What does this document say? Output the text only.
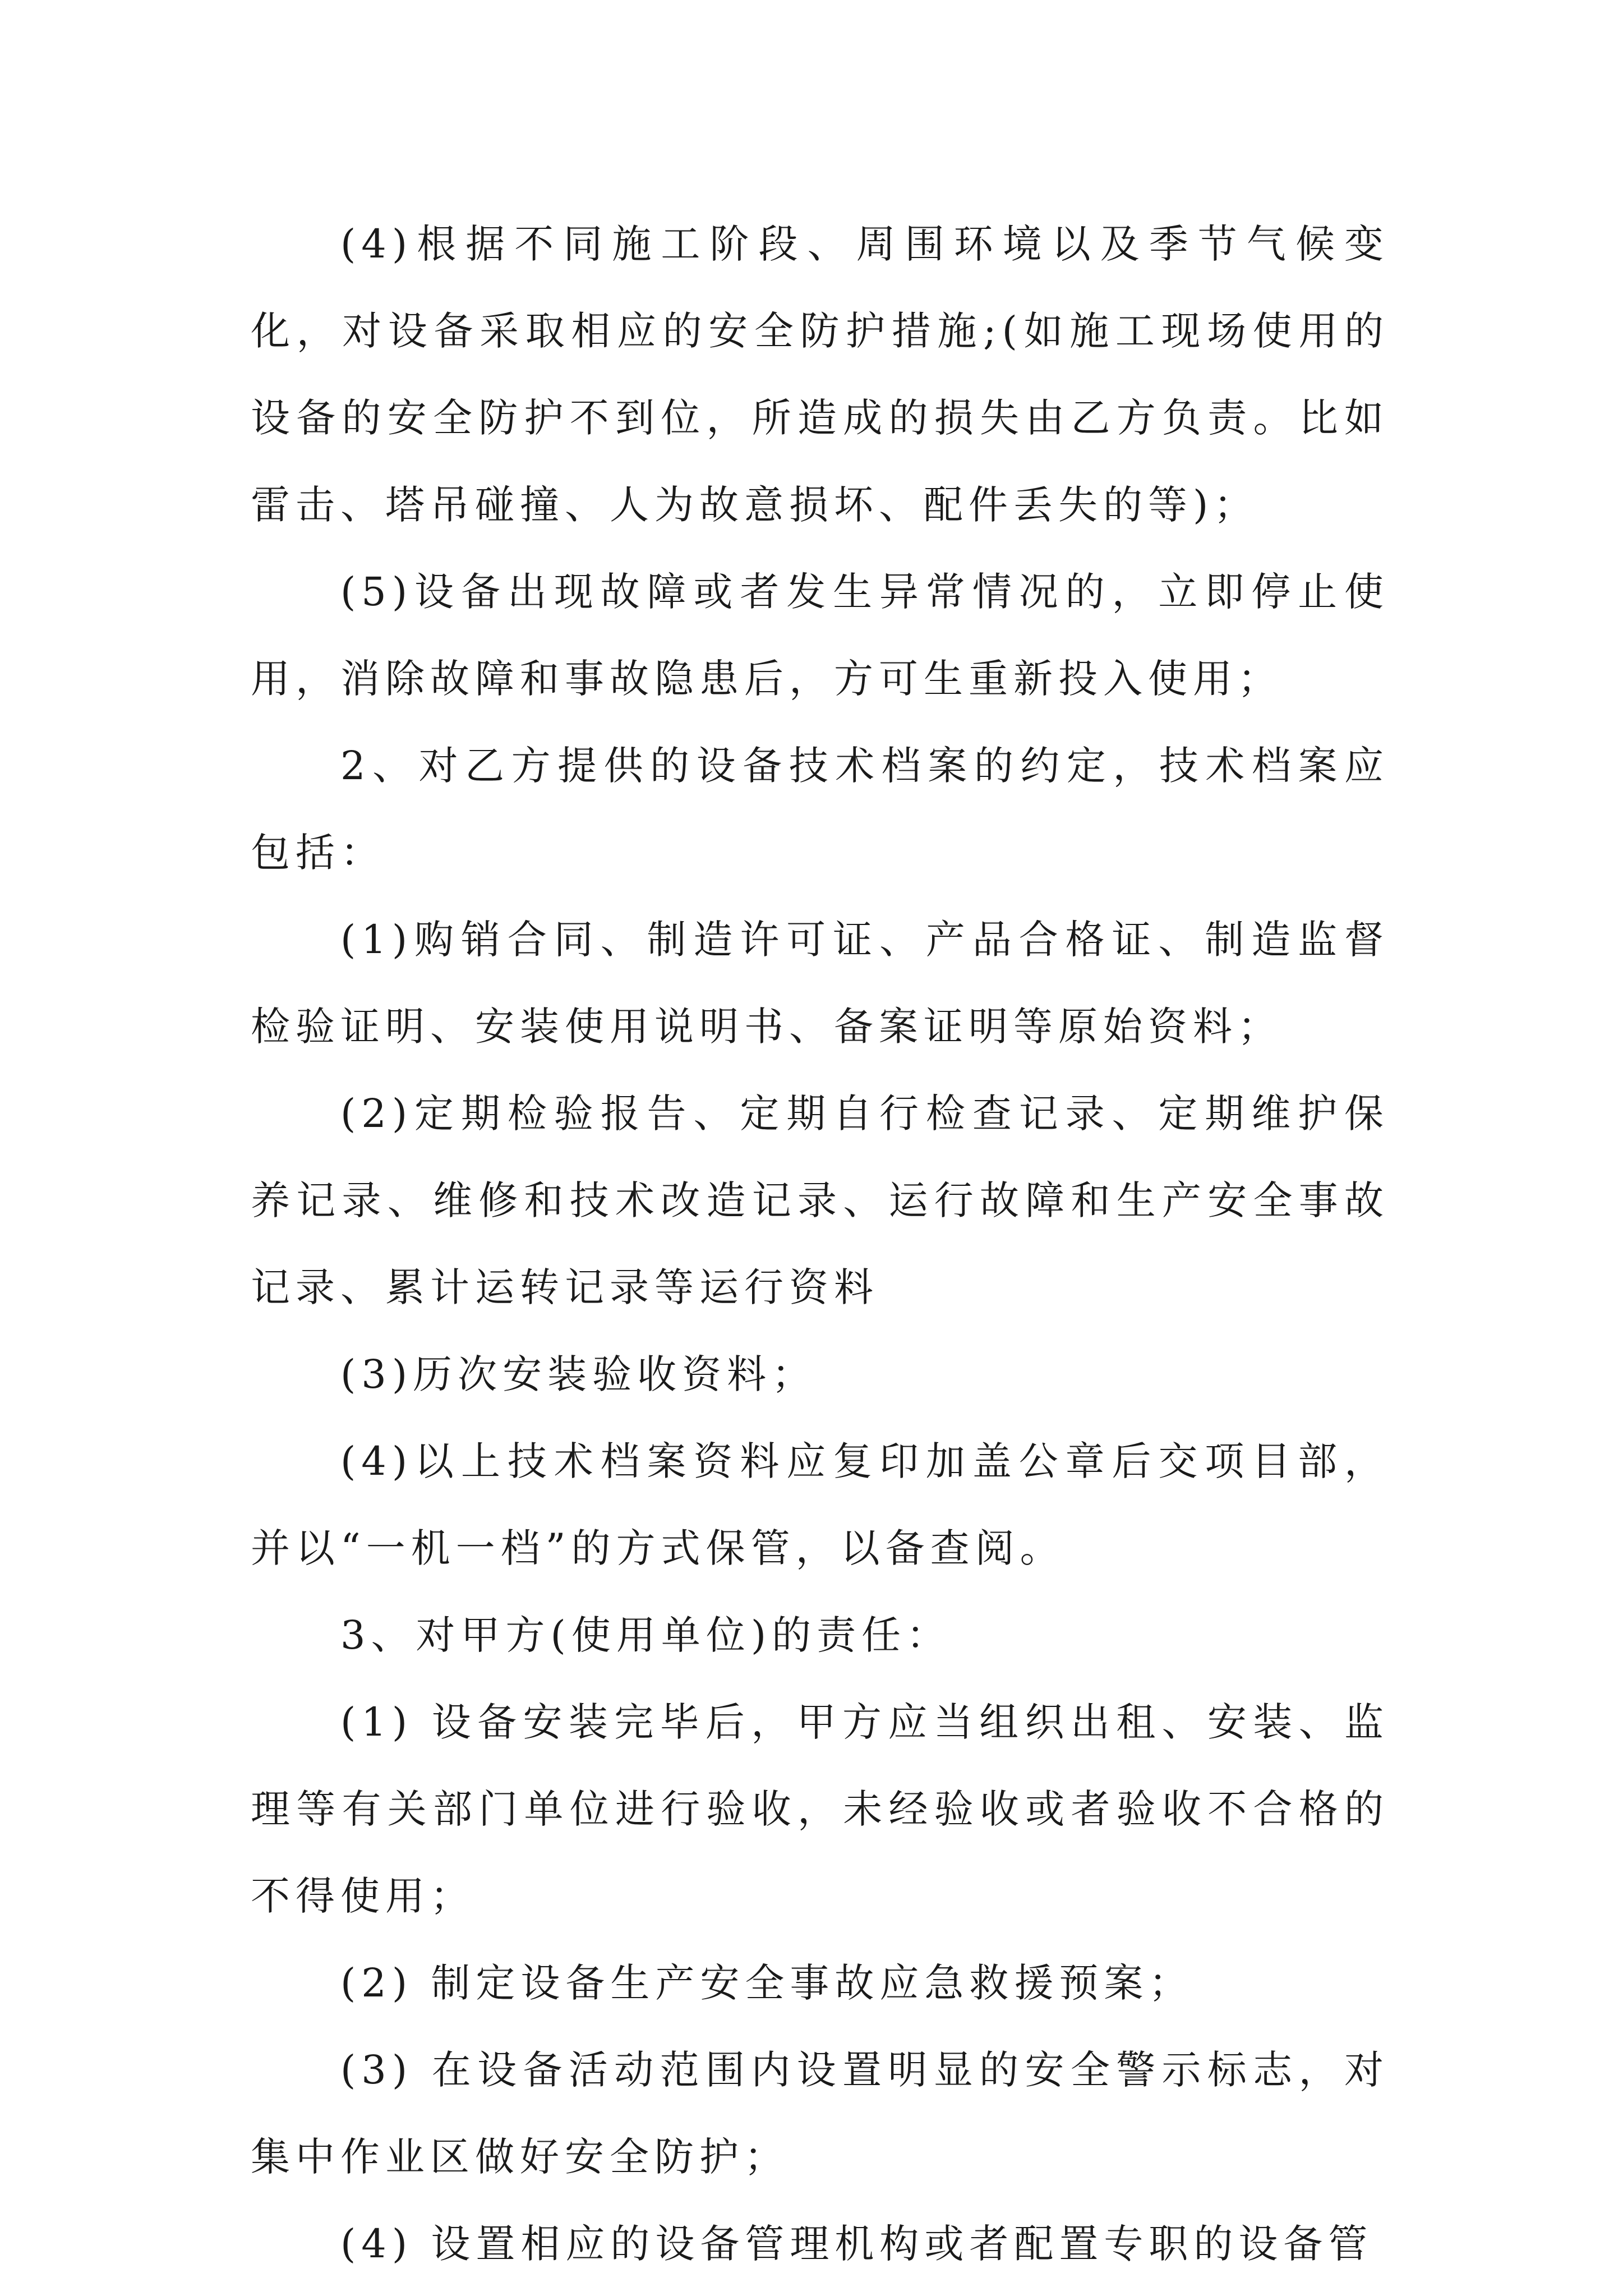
(4)根据不同施工阶段、周围环境以及季节气候变化，对设备采取相应的安全防护措施;(如施工现场使用的设备的安全防护不到位，所造成的损失由乙方负责。比如雷击、塔吊碰撞、人为故意损坏、配件丢失的等)；

(5)设备出现故障或者发生异常情况的，立即停止使用，消除故障和事故隐患后，方可生重新投入使用；

2、对乙方提供的设备技术档案的约定，技术档案应包括：

(1)购销合同、制造许可证、产品合格证、制造监督检验证明、安装使用说明书、备案证明等原始资料；

(2)定期检验报告、定期自行检查记录、定期维护保养记录、维修和技术改造记录、运行故障和生产安全事故记录、累计运转记录等运行资料

(3)历次安装验收资料；

(4)以上技术档案资料应复印加盖公章后交项目部，并以“一机一档”的方式保管，以备查阅。

3、对甲方(使用单位)的责任：

(1) 设备安装完毕后，甲方应当组织出租、安装、监理等有关部门单位进行验收，未经验收或者验收不合格的不得使用；

(2) 制定设备生产安全事故应急救援预案；

(3) 在设备活动范围内设置明显的安全警示标志，对集中作业区做好安全防护；

(4) 设置相应的设备管理机构或者配置专职的设备管
